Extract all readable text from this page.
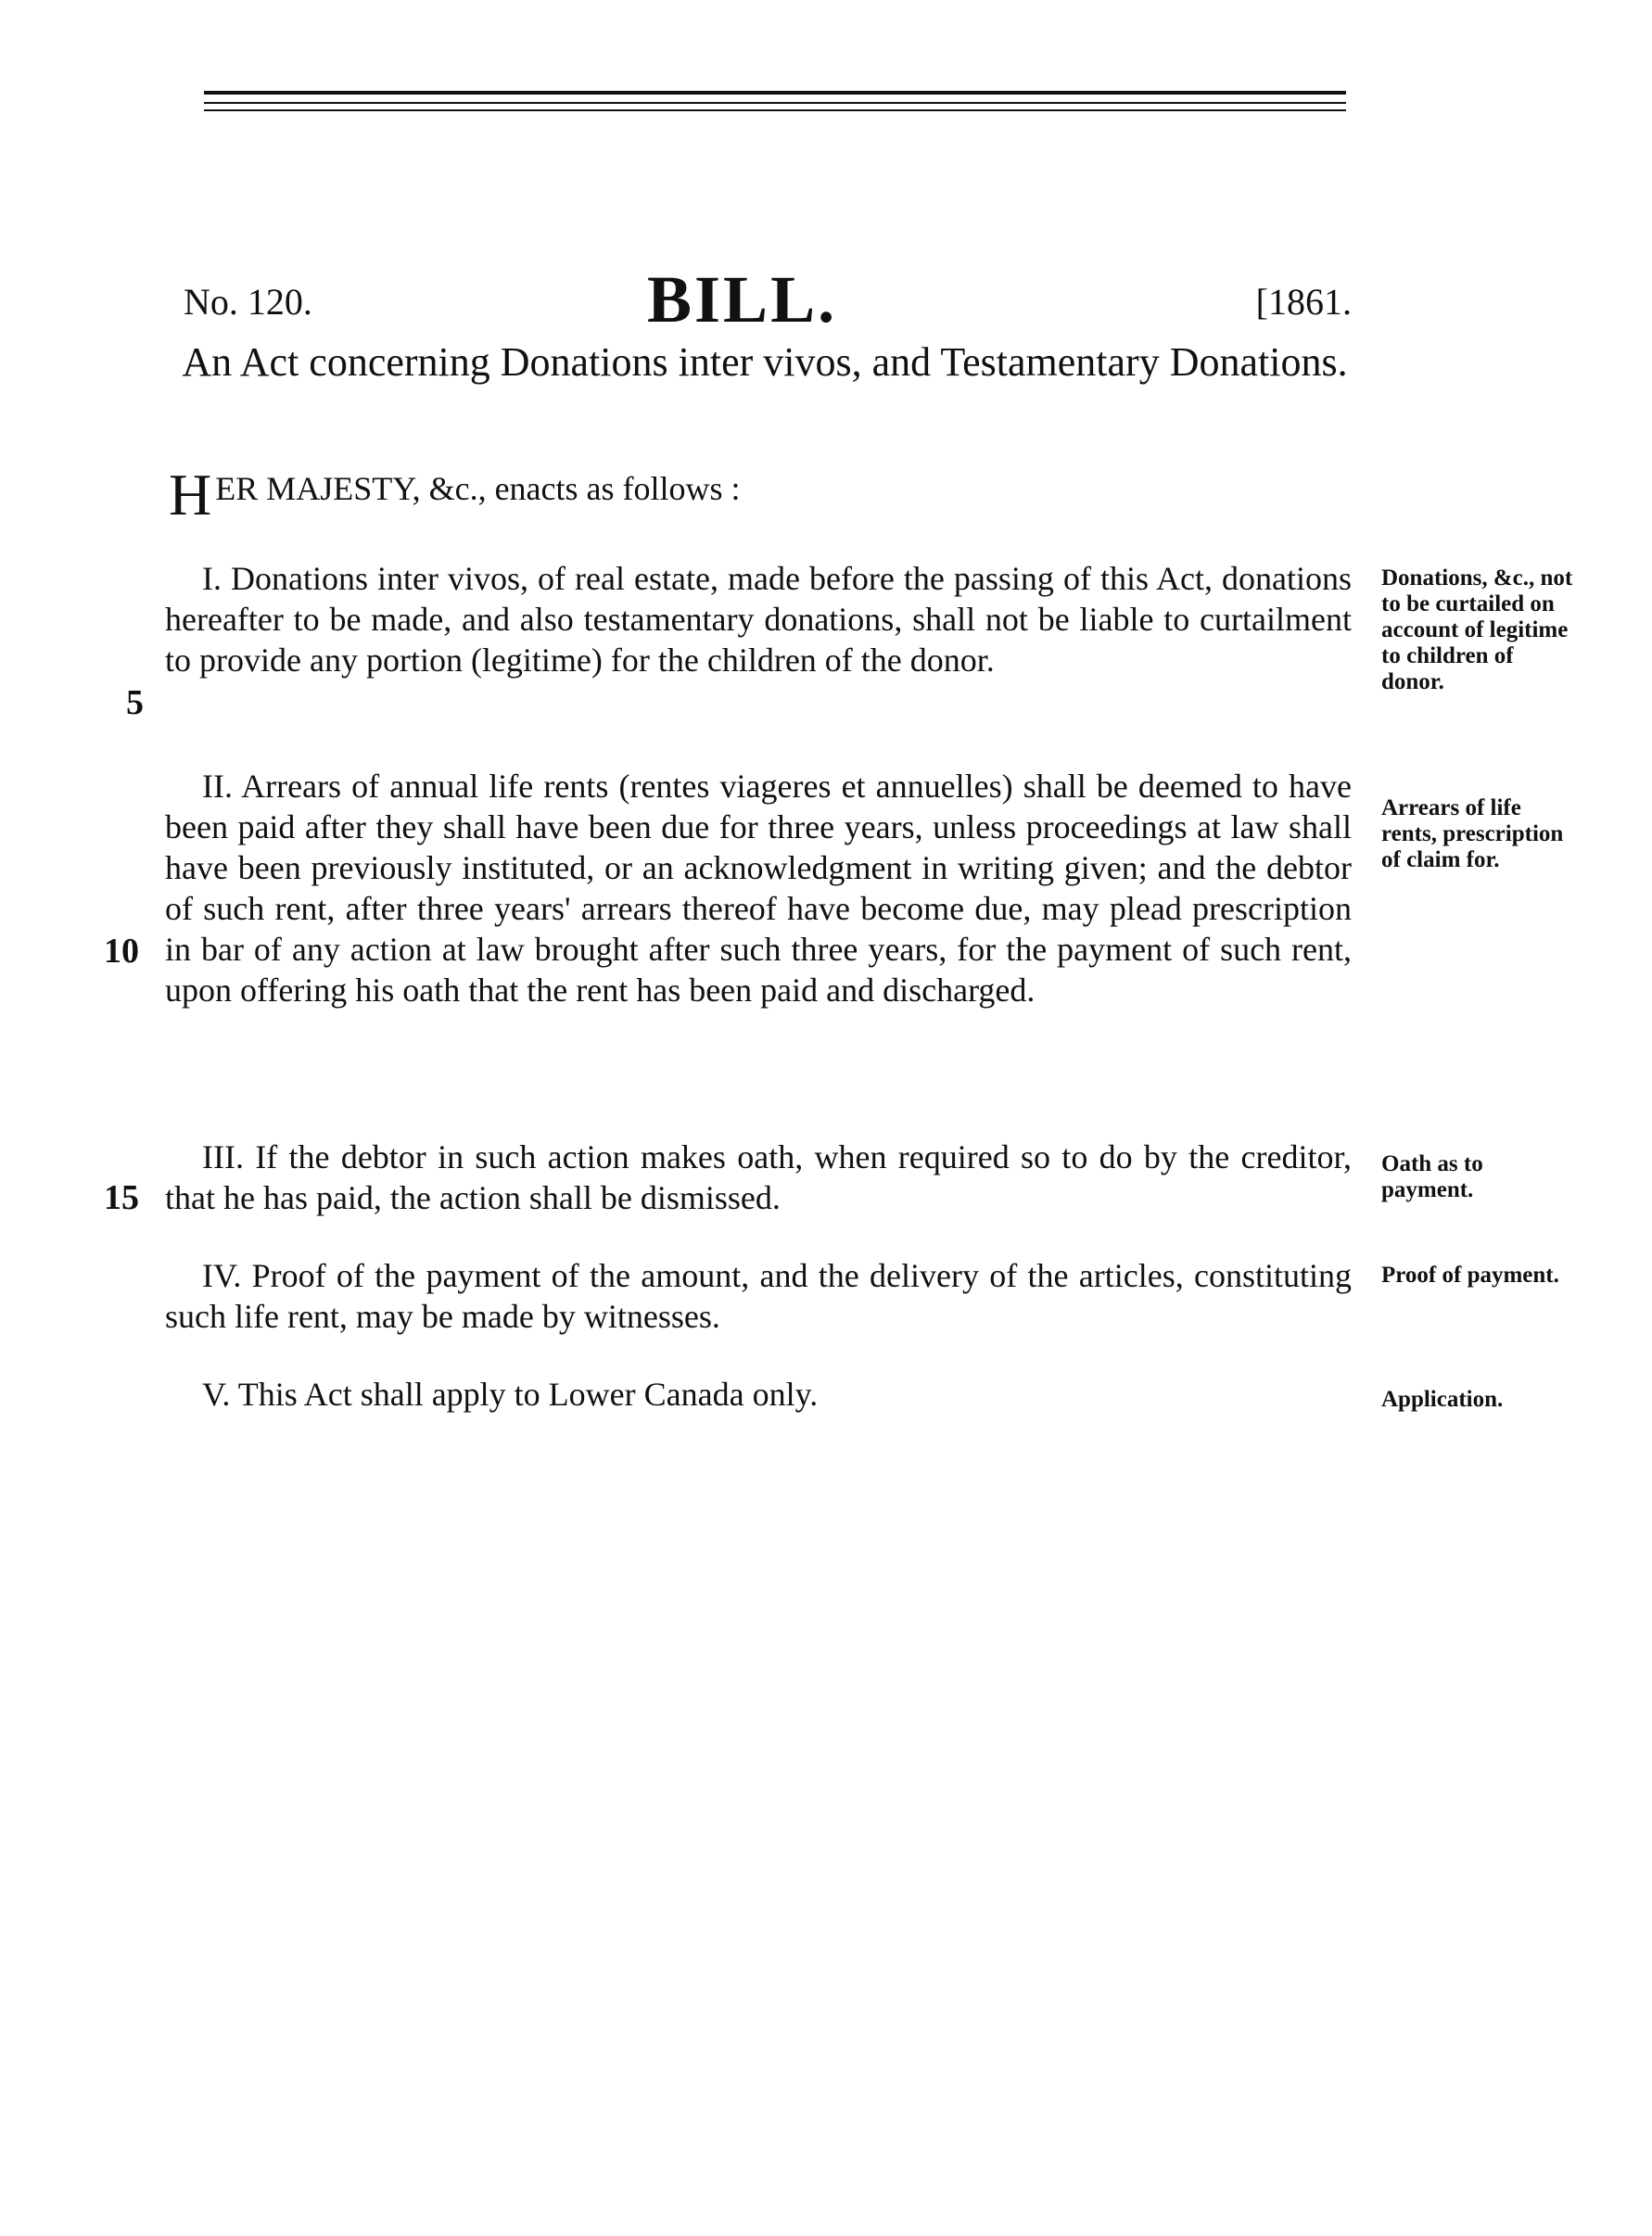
No. 120.	BILL.	[1861.
An Act concerning Donations inter vivos, and Testamentary Donations.
HER MAJESTY, &c., enacts as follows :
I. Donations inter vivos, of real estate, made before the passing of this Act, donations hereafter to be made, and also testamentary donations, shall not be liable to curtailment to provide any portion (legitime) for the children of the donor.
II. Arrears of annual life rents (rentes viageres et annuelles) shall be deemed to have been paid after they shall have been due for three years, unless proceedings at law shall have been previously instituted, or an acknowledgment in writing given; and the debtor of such rent, after three years' arrears thereof have become due, may plead prescription in bar of any action at law brought after such three years, for the payment of such rent, upon offering his oath that the rent has been paid and discharged.
III. If the debtor in such action makes oath, when required so to do by the creditor, that he has paid, the action shall be dismissed.
IV. Proof of the payment of the amount, and the delivery of the articles, constituting such life rent, may be made by witnesses.
V. This Act shall apply to Lower Canada only.
5
10
15
Donations, &c., not to be curtailed on account of legitime to children of donor.
Arrears of life rents, prescription of claim for.
Oath as to payment.
Proof of payment.
Application.
